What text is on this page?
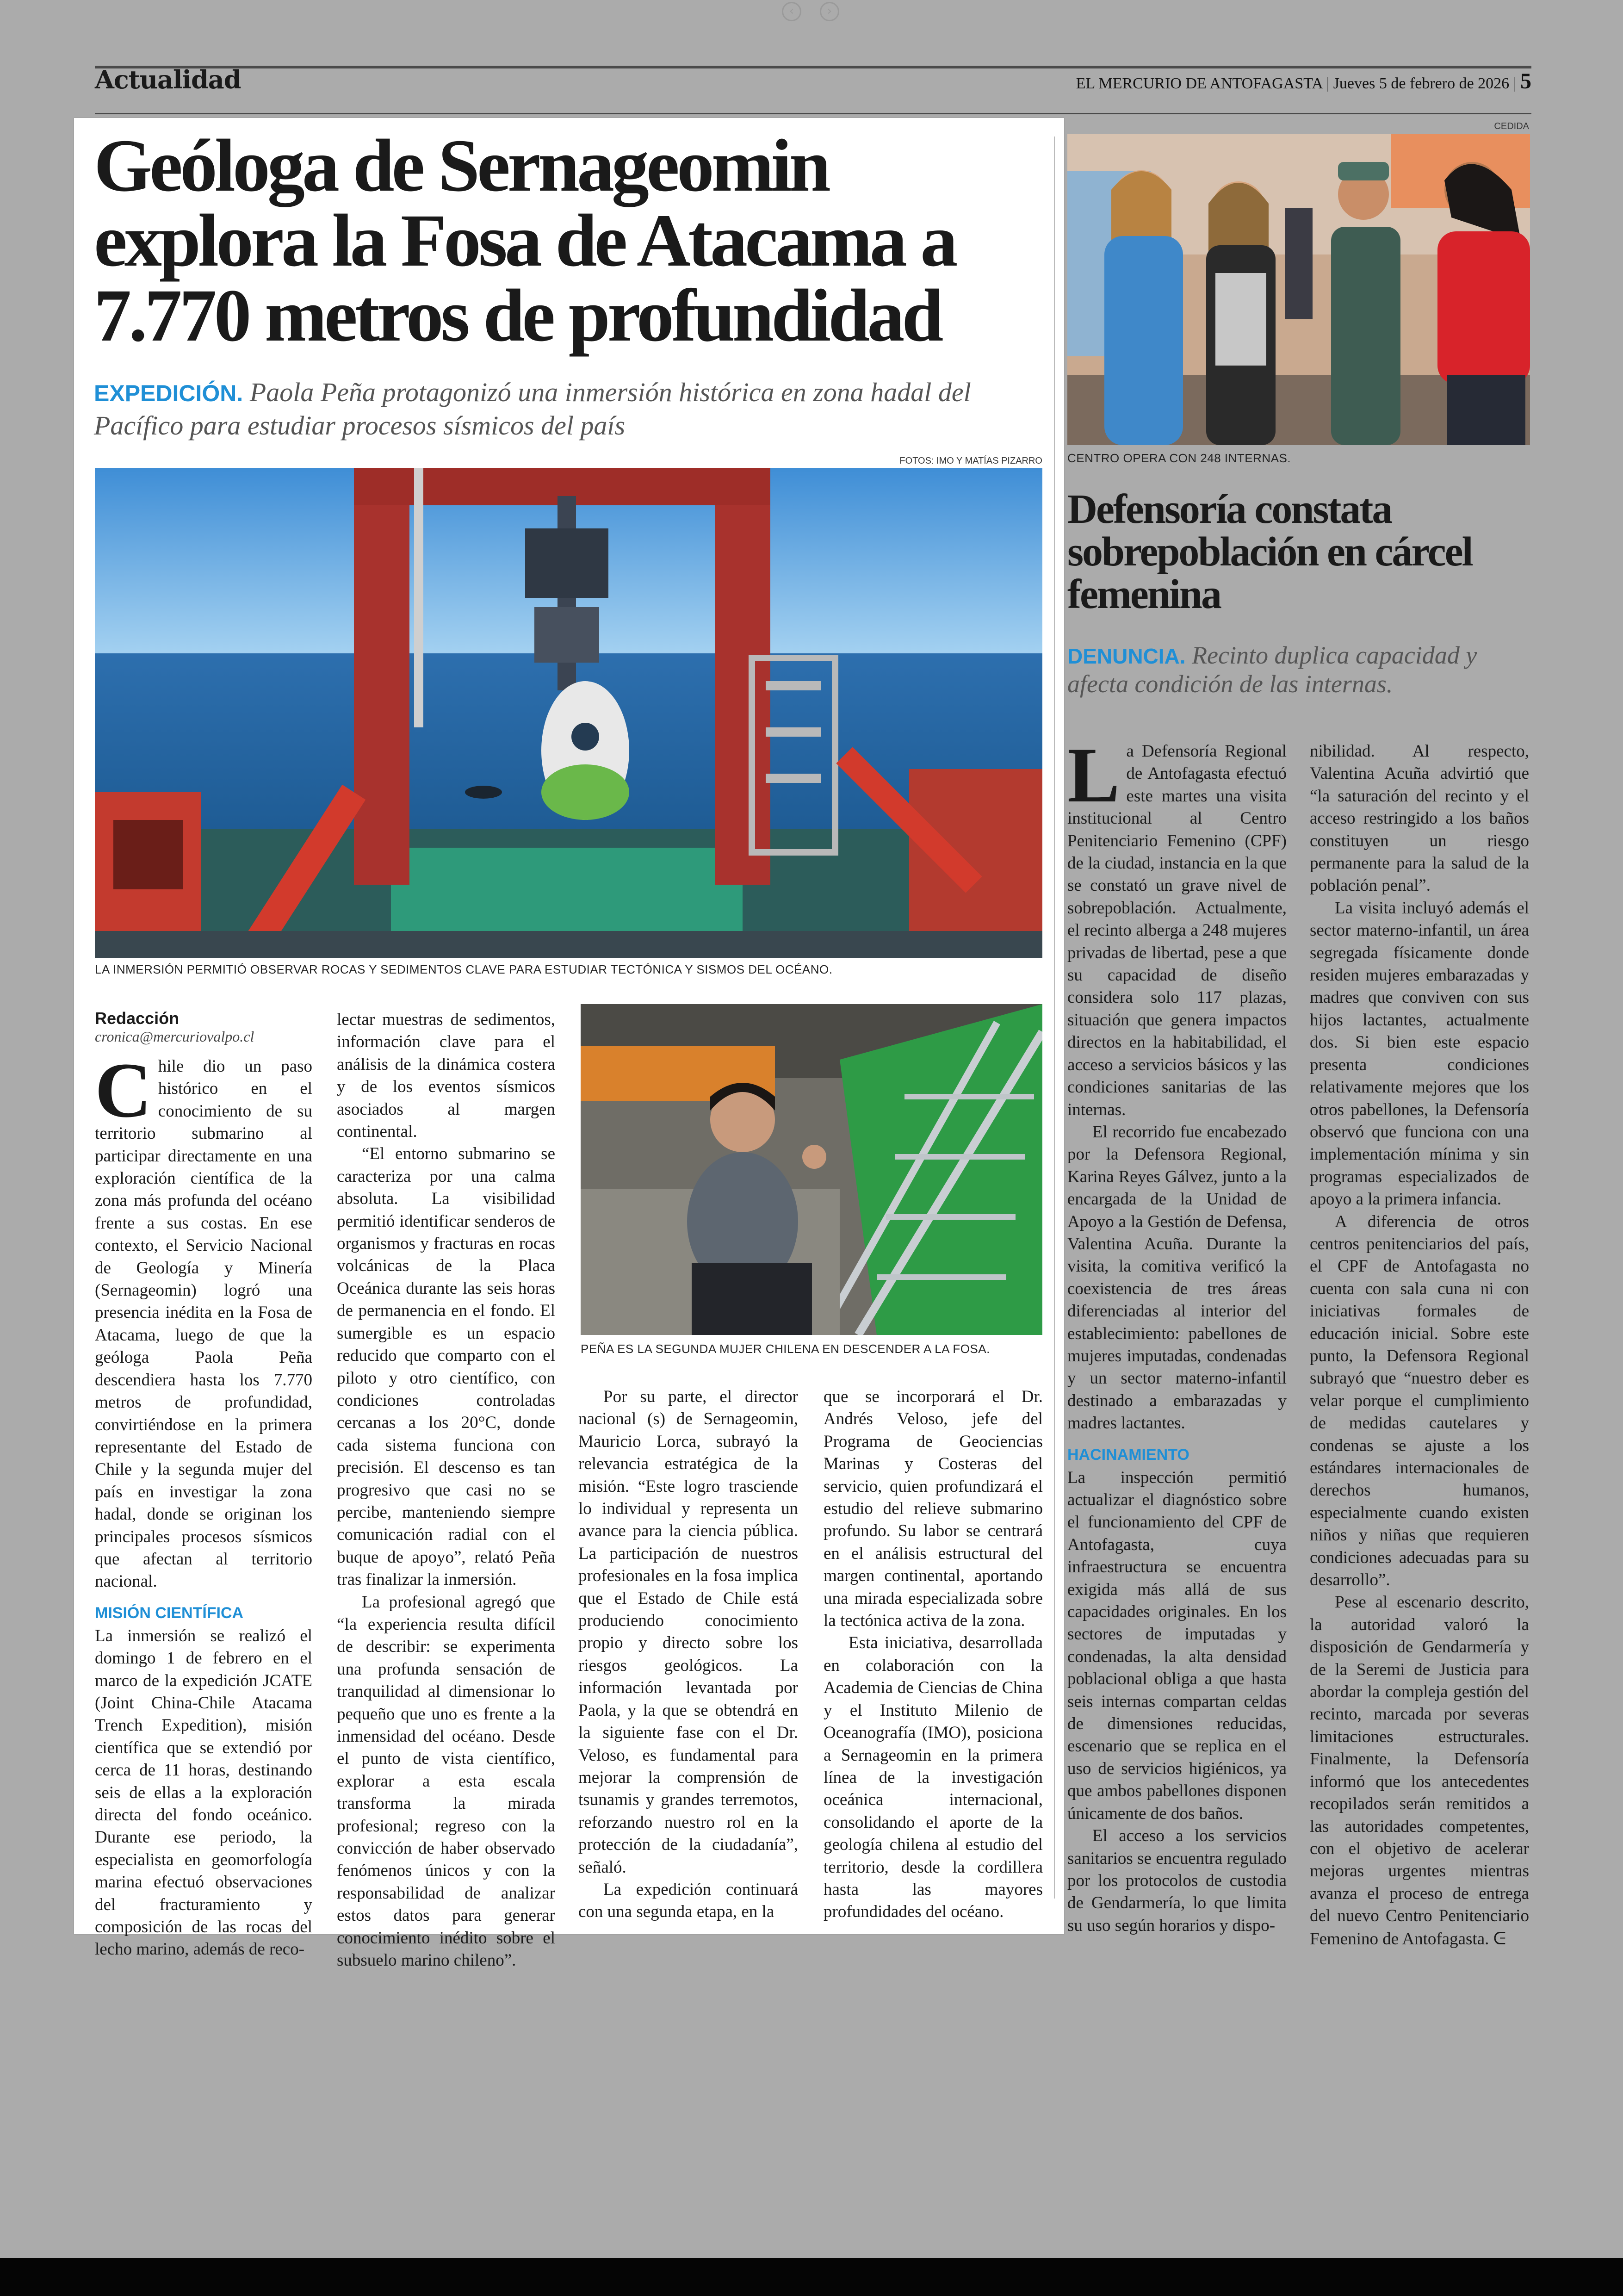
‹	›
Actualidad	EL MERCURIO DE ANTOFAGASTA | Jueves 5 de febrero de 2026 | 5
Geóloga de Sernageomin explora la Fosa de Atacama a 7.770 metros de profundidad
EXPEDICIÓN. Paola Peña protagonizó una inmersión histórica en zona hadal del Pacífico para estudiar procesos sísmicos del país
FOTOS: IMO Y MATÍAS PIZARRO
LA INMERSIÓN PERMITIÓ OBSERVAR ROCAS Y SEDIMENTOS CLAVE PARA ESTUDIAR TECTÓNICA Y SISMOS DEL OCÉANO.
Redacción
cronica@mercuriovalpo.cl

Chile dio un paso histórico en el conocimiento de su territorio submarino al participar directamente en una exploración científica de la zona más profunda del océano frente a sus costas. En ese contexto, el Servicio Nacional de Geología y Minería (Sernageomin) logró una presencia inédita en la Fosa de Atacama, luego de que la geóloga Paola Peña descendiera hasta los 7.770 metros de profundidad, convirtiéndose en la primera representante del Estado de Chile y la segunda mujer del país en investigar la zona hadal, donde se originan los principales procesos sísmicos que afectan al territorio nacional.

MISIÓN CIENTÍFICA

La inmersión se realizó el domingo 1 de febrero en el marco de la expedición JCATE (Joint China-Chile Atacama Trench Expedition), misión científica que se extendió por cerca de 11 horas, destinando seis de ellas a la exploración directa del fondo oceánico. Durante ese periodo, la especialista en geomorfología marina efectuó observaciones del fracturamiento y composición de las rocas del lecho marino, además de reco-

lectar muestras de sedimentos, información clave para el análisis de la dinámica costera y de los eventos sísmicos asociados al margen continental.

“El entorno submarino se caracteriza por una calma absoluta. La visibilidad permitió identificar senderos de organismos y fracturas en rocas volcánicas de la Placa Oceánica durante las seis horas de permanencia en el fondo. El sumergible es un espacio reducido que comparto con el piloto y otro científico, con condiciones controladas cercanas a los 20°C, donde cada sistema funciona con precisión. El descenso es tan progresivo que casi no se percibe, manteniendo siempre comunicación radial con el buque de apoyo”, relató Peña tras finalizar la inmersión.

La profesional agregó que “la experiencia resulta difícil de describir: se experimenta una profunda sensación de tranquilidad al dimensionar lo pequeño que uno es frente a la inmensidad del océano. Desde el punto de vista científico, explorar a esta escala transforma la mirada profesional; regreso con la convicción de haber observado fenómenos únicos y con la responsabilidad de analizar estos datos para generar conocimiento inédito sobre el subsuelo marino chileno”.

PEÑA ES LA SEGUNDA MUJER CHILENA EN DESCENDER A LA FOSA.

Por su parte, el director nacional (s) de Sernageomin, Mauricio Lorca, subrayó la relevancia estratégica de la misión. “Este logro trasciende lo individual y representa un avance para la ciencia pública. La participación de nuestros profesionales en la fosa implica que el Estado de Chile está produciendo conocimiento propio y directo sobre los riesgos geológicos. La información levantada por Paola, y la que se obtendrá en la siguiente fase con el Dr. Veloso, es fundamental para mejorar la comprensión de tsunamis y grandes terremotos, reforzando nuestro rol en la protección de la ciudadanía”, señaló.

La expedición continuará con una segunda etapa, en la

que se incorporará el Dr. Andrés Veloso, jefe del Programa de Geociencias Marinas y Costeras del servicio, quien profundizará el estudio del relieve submarino profundo. Su labor se centrará en el análisis estructural del margen continental, aportando una mirada especializada sobre la tectónica activa de la zona.

Esta iniciativa, desarrollada en colaboración con la Academia de Ciencias de China y el Instituto Milenio de Oceanografía (IMO), posiciona a Sernageomin en la primera línea de la investigación oceánica internacional, consolidando el aporte de la geología chilena al estudio del territorio, desde la cordillera hasta las mayores profundidades del océano.

CEDIDA
CENTRO OPERA CON 248 INTERNAS.
Defensoría constata sobrepoblación en cárcel femenina
DENUNCIA. Recinto duplica capacidad y afecta condición de las internas.

La Defensoría Regional de Antofagasta efectuó este martes una visita institucional al Centro Penitenciario Femenino (CPF) de la ciudad, instancia en la que se constató un grave nivel de sobrepoblación. Actualmente, el recinto alberga a 248 mujeres privadas de libertad, pese a que su capacidad de diseño considera solo 117 plazas, situación que genera impactos directos en la habitabilidad, el acceso a servicios básicos y las condiciones sanitarias de las internas.

El recorrido fue encabezado por la Defensora Regional, Karina Reyes Gálvez, junto a la encargada de la Unidad de Apoyo a la Gestión de Defensa, Valentina Acuña. Durante la visita, la comitiva verificó la coexistencia de tres áreas diferenciadas al interior del establecimiento: pabellones de mujeres imputadas, condenadas y un sector materno-infantil destinado a embarazadas y madres lactantes.

HACINAMIENTO

La inspección permitió actualizar el diagnóstico sobre el funcionamiento del CPF de Antofagasta, cuya infraestructura se encuentra exigida más allá de sus capacidades originales. En los sectores de imputadas y condenadas, la alta densidad poblacional obliga a que hasta seis internas compartan celdas de dimensiones reducidas, escenario que se replica en el uso de servicios higiénicos, ya que ambos pabellones disponen únicamente de dos baños.

El acceso a los servicios sanitarios se encuentra regulado por los protocolos de custodia de Gendarmería, lo que limita su uso según horarios y dispo-

nibilidad. Al respecto, Valentina Acuña advirtió que “la saturación del recinto y el acceso restringido a los baños constituyen un riesgo permanente para la salud de la población penal”.

La visita incluyó además el sector materno-infantil, un área segregada físicamente donde residen mujeres embarazadas y madres que conviven con sus hijos lactantes, actualmente dos. Si bien este espacio presenta condiciones relativamente mejores que los otros pabellones, la Defensoría observó que funciona con una implementación mínima y sin programas especializados de apoyo a la primera infancia.

A diferencia de otros centros penitenciarios del país, el CPF de Antofagasta no cuenta con sala cuna ni con iniciativas formales de educación inicial. Sobre este punto, la Defensora Regional subrayó que “nuestro deber es velar porque el cumplimiento de medidas cautelares y condenas se ajuste a los estándares internacionales de derechos humanos, especialmente cuando existen niños y niñas que requieren condiciones adecuadas para su desarrollo”.

Pese al escenario descrito, la autoridad valoró la disposición de Gendarmería y de la Seremi de Justicia para abordar la compleja gestión del recinto, marcada por severas limitaciones estructurales. Finalmente, la Defensoría informó que los antecedentes recopilados serán remitidos a las autoridades competentes, con el objetivo de acelerar mejoras urgentes mientras avanza el proceso de entrega del nuevo Centro Penitenciario Femenino de Antofagasta. ᕮ
